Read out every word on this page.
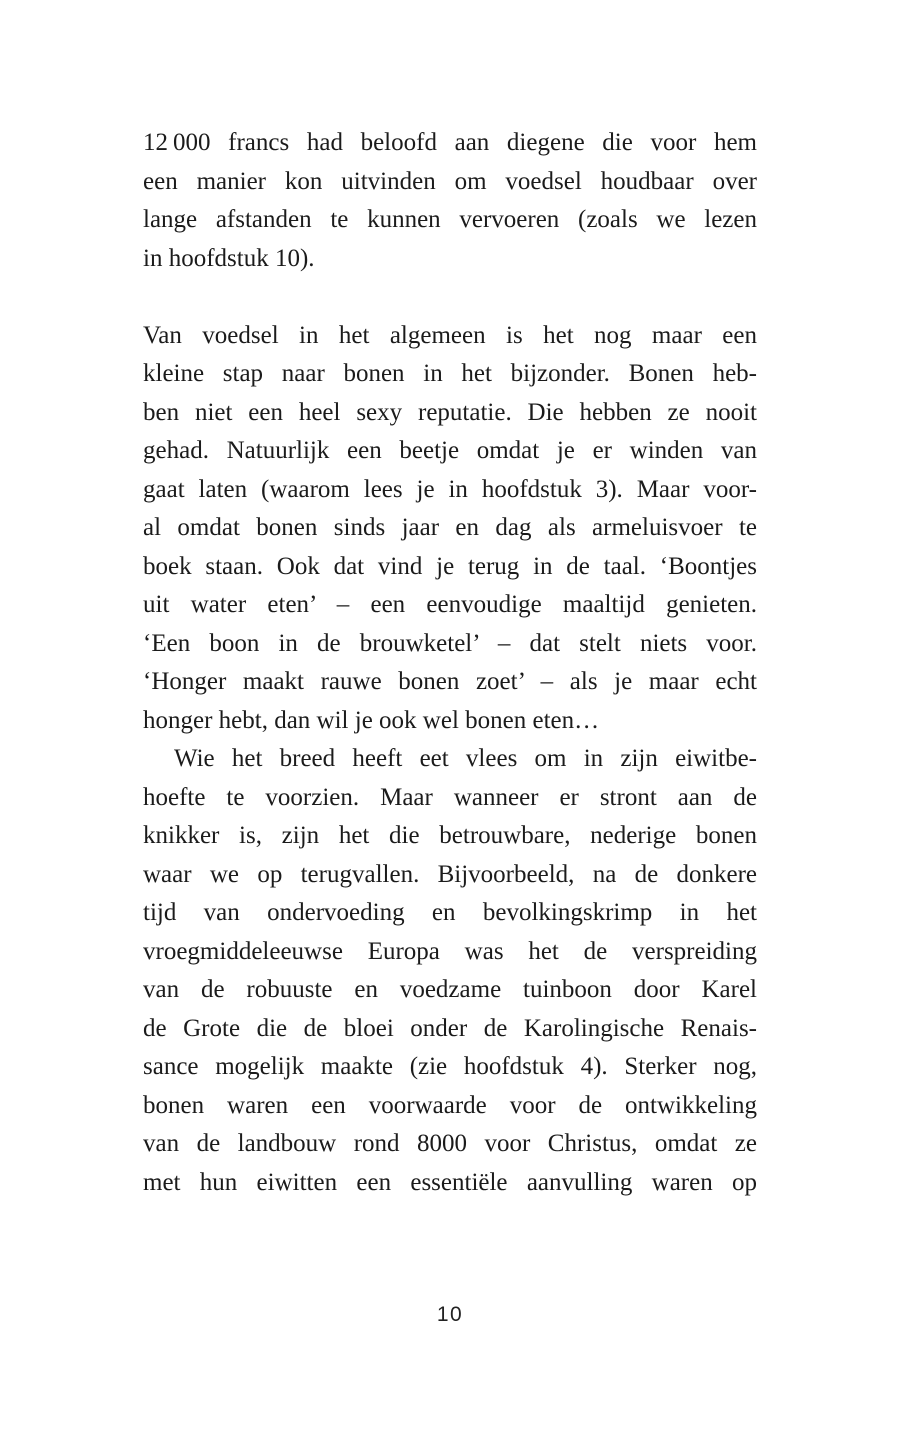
12 000 francs had beloofd aan diegene die voor hem
een manier kon uitvinden om voedsel houdbaar over
lange afstanden te kunnen vervoeren (zoals we lezen
in hoofdstuk 10).
Van voedsel in het algemeen is het nog maar een
kleine stap naar bonen in het bijzonder. Bonen heb-
ben niet een heel sexy reputatie. Die hebben ze nooit
gehad. Natuurlijk een beetje omdat je er winden van
gaat laten (waarom lees je in hoofdstuk 3). Maar voor-
al omdat bonen sinds jaar en dag als armeluisvoer te
boek staan. Ook dat vind je terug in de taal. ‘Boontjes
uit water eten’ – een eenvoudige maaltijd genieten.
‘Een boon in de brouwketel’ – dat stelt niets voor.
‘Honger maakt rauwe bonen zoet’ – als je maar echt
honger hebt, dan wil je ook wel bonen eten…
Wie het breed heeft eet vlees om in zijn eiwitbe-
hoefte te voorzien. Maar wanneer er stront aan de
knikker is, zijn het die betrouwbare, nederige bonen
waar we op terugvallen. Bijvoorbeeld, na de donkere
tijd van ondervoeding en bevolkingskrimp in het
vroegmiddeleeuwse Europa was het de verspreiding
van de robuuste en voedzame tuinboon door Karel
de Grote die de bloei onder de Karolingische Renais-
sance mogelijk maakte (zie hoofdstuk 4). Sterker nog,
bonen waren een voorwaarde voor de ontwikkeling
van de landbouw rond 8000 voor Christus, omdat ze
met hun eiwitten een essentiële aanvulling waren op
10
